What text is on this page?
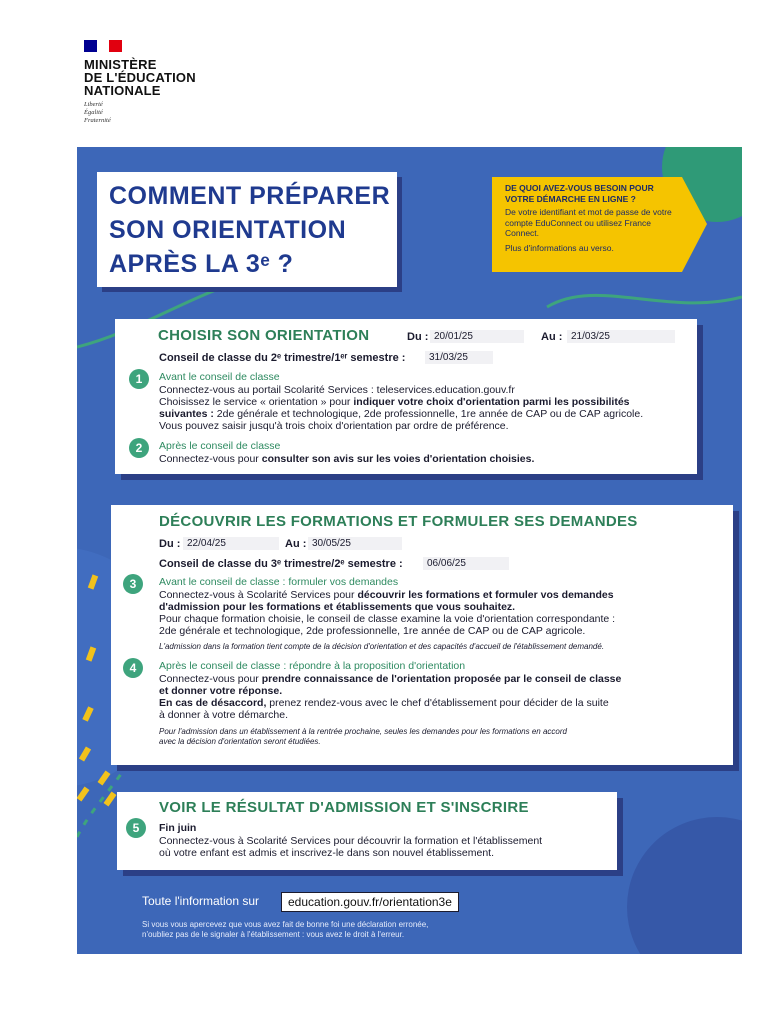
MINISTÈRE
DE L'ÉDUCATION
NATIONALE
Liberté
Égalité
Fraternité
COMMENT PRÉPARER
SON ORIENTATION
APRÈS LA 3ᵉ ?
DE QUOI AVEZ-VOUS BESOIN POUR VOTRE DÉMARCHE EN LIGNE ?
De votre identifiant et mot de passe de votre compte EduConnect ou utilisez France Connect.
Plus d'informations au verso.
CHOISIR SON ORIENTATION	Du : 20/01/25	Au : 21/03/25
Conseil de classe du 2ᵉ trimestre/1ᵉʳ semestre :	31/03/25
1	Avant le conseil de classe
Connectez-vous au portail Scolarité Services : teleservices.education.gouv.fr
Choisissez le service « orientation » pour indiquer votre choix d'orientation parmi les possibilités
suivantes : 2de générale et technologique, 2de professionnelle, 1re année de CAP ou de CAP agricole.
Vous pouvez saisir jusqu'à trois choix d'orientation par ordre de préférence.
2	Après le conseil de classe
Connectez-vous pour consulter son avis sur les voies d'orientation choisies.
DÉCOUVRIR LES FORMATIONS ET FORMULER SES DEMANDES
Du : 22/04/25	Au : 30/05/25
Conseil de classe du 3ᵉ trimestre/2ᵉ semestre :	06/06/25
3	Avant le conseil de classe : formuler vos demandes
Connectez-vous à Scolarité Services pour découvrir les formations et formuler vos demandes
d'admission pour les formations et établissements que vous souhaitez.
Pour chaque formation choisie, le conseil de classe examine la voie d'orientation correspondante :
2de générale et technologique, 2de professionnelle, 1re année de CAP ou de CAP agricole.
L'admission dans la formation tient compte de la décision d'orientation et des capacités d'accueil de l'établissement demandé.
4	Après le conseil de classe : répondre à la proposition d'orientation
Connectez-vous pour prendre connaissance de l'orientation proposée par le conseil de classe
et donner votre réponse.
En cas de désaccord, prenez rendez-vous avec le chef d'établissement pour décider de la suite
à donner à votre démarche.
Pour l'admission dans un établissement à la rentrée prochaine, seules les demandes pour les formations en accord
avec la décision d'orientation seront étudiées.
VOIR LE RÉSULTAT D'ADMISSION ET S'INSCRIRE
5	Fin juin
Connectez-vous à Scolarité Services pour découvrir la formation et l'établissement
où votre enfant est admis et inscrivez-le dans son nouvel établissement.
Toute l'information sur	education.gouv.fr/orientation3e
Si vous vous apercevez que vous avez fait de bonne foi une déclaration erronée,
n'oubliez pas de le signaler à l'établissement : vous avez le droit à l'erreur.
